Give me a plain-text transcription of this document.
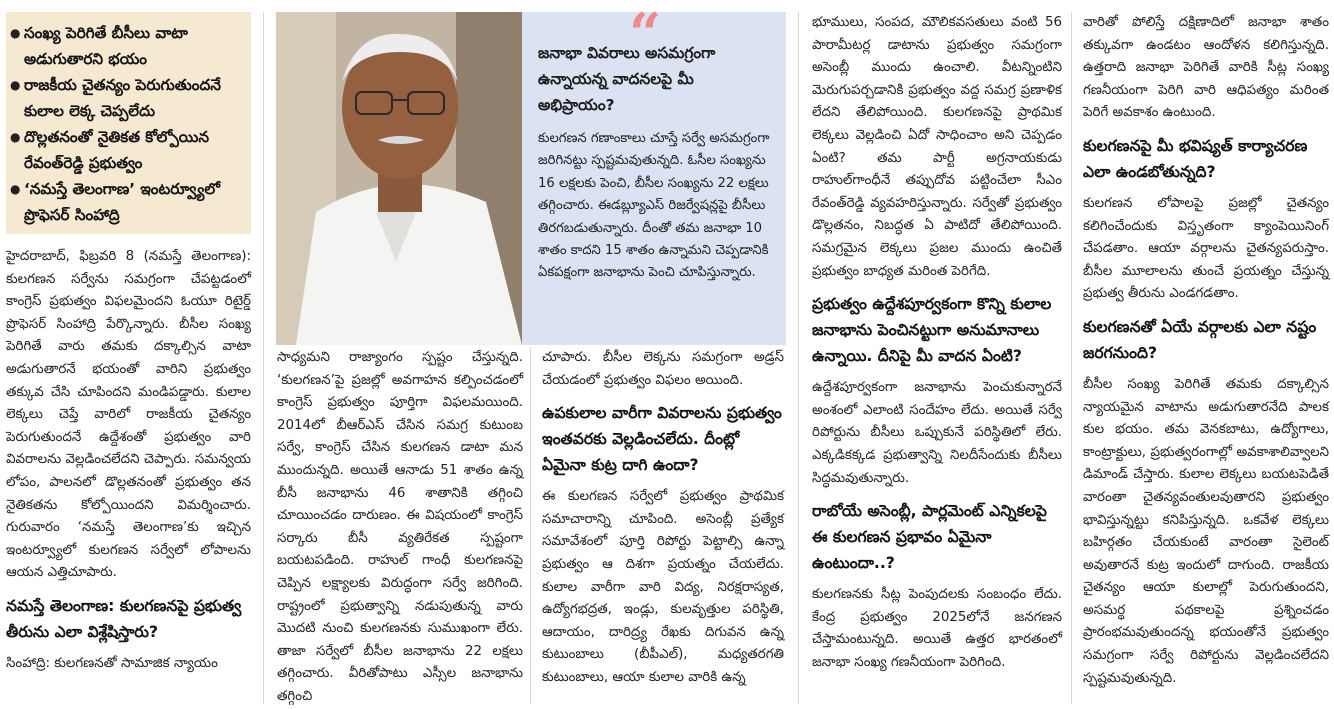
● సంఖ్య పెరిగితే బీసీలు వాటా అడుగుతారని భయం
● రాజకీయ చైతన్యం పెరుగుతుందనే కులాల లెక్క చెప్పలేదు
● దొల్లతనంతో నైతికత కోల్పోయిన రేవంత్‌రెడ్డి ప్రభుత్వం
● ‘నమస్తే తెలంగాణ’ ఇంటర్వ్యూలో ప్రొఫెసర్ సింహాద్రి

హైదరాబాద్, ఫిబ్రవరి 8 (నమస్తే తెలంగాణ): కులగణన సర్వేను సమగ్రంగా చేపట్టడంలో కాంగ్రెస్ ప్రభుత్వం విఫలమైందని ఓయూ రిటైర్డ్ ప్రొఫెసర్ సింహాద్రి పేర్కొన్నారు. బీసీల సంఖ్య పెరిగితే వారు తమకు దక్కాల్సిన వాటా అడుగుతారనే భయంతో వారిని ప్రభుత్వం తక్కువ చేసి చూపిందని మండిపడ్డారు. కులాల లెక్కలు చెప్తే వారిలో రాజకీయ చైతన్యం పెరుగుతుందనే ఉద్దేశంతో ప్రభుత్వం వారి వివరాలను వెల్లడించలేదని చెప్పారు. సమన్వయ లోపం, పాలనలో డొల్లతనంతో ప్రభుత్వం తన నైతికతను కోల్పోయిందని విమర్శించారు. గురువారం ‘నమస్తే తెలంగాణ’కు ఇచ్చిన ఇంటర్వ్యూలో కులగణన సర్వేలో లోపాలను ఆయన ఎత్తిచూపారు.

నమస్తే తెలంగాణ: కులగణనపై ప్రభుత్వ తీరును ఎలా విశ్లేషిస్తారు?

సింహాద్రి: కులగణనతో సామాజిక న్యాయం

జనాభా వివరాలు అసమగ్రంగా ఉన్నాయన్న వాదనలపై మీ అభిప్రాయం?
కులగణన గణాంకాలు చూస్తే సర్వే అసమగ్రంగా జరిగినట్టు స్పష్టమవుతున్నది. ఓసీల సంఖ్యను 16 లక్షలకు పెంచి, బీసీల సంఖ్యను 22 లక్షలు తగ్గించారు. ఈడబ్ల్యూఎస్ రిజర్వేషన్లపై బీసీలు తిరగబడుతున్నారు. దీంతో తమ జనాభా 10 శాతం కాదని 15 శాతం ఉన్నామని చెప్పడానికి ఏకపక్షంగా జనాభాను పెంచి చూపిస్తున్నారు.
“

సాధ్యమని రాజ్యాంగం స్పష్టం చేస్తున్నది. ‘కులగణన’పై ప్రజల్లో అవగాహన కల్పించడంలో కాంగ్రెస్ ప్రభుత్వం పూర్తిగా విఫలమయింది. 2014లో బీఆర్ఎస్ చేసిన సమగ్ర కుటుంబ సర్వే, కాంగ్రెస్ చేసిన కులగణన డాటా మన ముందున్నది. అయితే ఆనాడు 51 శాతం ఉన్న బీసీ జనాభాను 46 శాతానికి తగ్గించి చూయించడం దారుణం. ఈ విషయంలో కాంగ్రెస్ సర్కారు బీసీ వ్యతిరేకత స్పష్టంగా బయటపడింది. రాహుల్ గాంధీ కులగణనపై చెప్పిన లక్ష్యాలకు విరుద్ధంగా సర్వే జరిగింది. రాష్ట్రంలో ప్రభుత్వాన్ని నడుపుతున్న వారు మొదటి నుంచి కులగణనకు సుముఖంగా లేరు. తాజా సర్వేలో బీసీల జనాభాను 22 లక్షలు తగ్గించారు. వీరితోపాటు ఎస్సీల జనాభాను తగ్గించి

చూపారు. బీసీల లెక్కను సమగ్రంగా అడ్రస్ చేయడంలో ప్రభుత్వం విఫలం అయింది.

ఉపకులాల వారీగా వివరాలను ప్రభుత్వం ఇంతవరకు వెల్లడించలేదు. దీంట్లో ఏమైనా కుట్ర దాగి ఉందా?

ఈ కులగణన సర్వేలో ప్రభుత్వం ప్రాథమిక సమాచారాన్ని చూపింది. అసెంబ్లీ ప్రత్యేక సమావేశంలో పూర్తి రిపోర్టు పెట్టాల్సి ఉన్నా ప్రభుత్వం ఆ దిశగా ప్రయత్నం చేయలేదు. కులాల వారీగా వారి విద్య, నిరక్షరాస్యత, ఉద్యోగభద్రత, ఇండ్లు, కులవృత్తుల పరిస్థితి, ఆదాయం, దారిద్ర్య రేఖకు దిగువన ఉన్న కుటుంబాలు (బీపీఎల్), మధ్యతరగతి కుటుంబాలు, ఆయా కులాల వారికి ఉన్న

భూములు, సంపద, మౌలికవసతులు వంటి 56 పారామీటర్ల డాటాను ప్రభుత్వం సమగ్రంగా అసెంబ్లీ ముందు ఉంచాలి. వీటన్నింటిని మెరుగుపర్చడానికి ప్రభుత్వం వద్ద సమగ్ర ప్రణాళిక లేదని తేలిపోయింది. కులగణనపై ప్రాథమిక లెక్కలు వెల్లడించి ఏదో సాధించాం అని చెప్పడం ఏంటి? తమ పార్టీ అగ్రనాయకుడు రాహుల్‌గాంధీనే తప్పుదోవ పట్టించేలా సీఎం రేవంత్‌రెడ్డి వ్యవహరిస్తున్నారు. సర్వేతో ప్రభుత్వం డొల్లతనం, నిబద్ధత ఏ పాటిదో తేలిపోయింది. సమగ్రమైన లెక్కలు ప్రజల ముందు ఉంచితే ప్రభుత్వం బాధ్యత మరింత పెరిగేది.

ప్రభుత్వం ఉద్దేశపూర్వకంగా కొన్ని కులాల జనాభాను పెంచినట్టుగా అనుమానాలు ఉన్నాయి. దీనిపై మీ వాదన ఏంటి?

ఉద్దేశపూర్వకంగా జనాభాను పెంచుకున్నారనే అంశంలో ఎలాంటి సందేహం లేదు. అయితే సర్వే రిపోర్టును బీసీలు ఒప్పుకునే పరిస్థితిలో లేరు. ఎక్కడికక్కడ ప్రభుత్వాన్ని నిలదీసేందుకు బీసీలు సిద్ధమవుతున్నారు.

రాబోయే అసెంబ్లీ, పార్లమెంట్ ఎన్నికలపై ఈ కులగణన ప్రభావం ఏమైనా ఉంటుందా..?

కులగణనకు సీట్ల పెంపుదలకు సంబంధం లేదు. కేంద్ర ప్రభుత్వం 2025లోనే జనగణన చేస్తామంటున్నది. అయితే ఉత్తర భారతంలో జనాభా సంఖ్య గణనీయంగా పెరిగింది.

వారితో పోలిస్తే దక్షిణాదిలో జనాభా శాతం తక్కువగా ఉండటం ఆందోళన కలిగిస్తున్నది. ఉత్తరాది జనాభా పెరిగితే వారికి సీట్ల సంఖ్య గణనీయంగా పెరిగి వారి ఆధిపత్యం మరింత పెరిగే అవకాశం ఉంటుంది.

కులగణనపై మీ భవిష్యత్ కార్యాచరణ ఎలా ఉండబోతున్నది?

కులగణన లోపాలపై ప్రజల్లో చైతన్యం కలిగించేందుకు విస్తృతంగా క్యాంపెయినింగ్ చేపడతాం. ఆయా వర్గాలను చైతన్యపరుస్తాం. బీసీల మూలాలను తుంచే ప్రయత్నం చేస్తున్న ప్రభుత్వ తీరును ఎండగడతాం.

కులగణనతో ఏయే వర్గాలకు ఎలా నష్టం జరగనుంది?

బీసీల సంఖ్య పెరిగితే తమకు దక్కాల్సిన న్యాయమైన వాటాను అడుగుతారనేది పాలక కుల భయం. తమ వెనకబాటు, ఉద్యోగాలు, కాంట్రాక్టులు, ప్రభుత్వరంగాల్లో అవకాశాలివ్వాలని డిమాండ్ చేస్తారు. కులాల లెక్కలు బయటపెడితే వారంతా చైతన్యవంతులవుతారని ప్రభుత్వం భావిస్తున్నట్టు కనిపిస్తున్నది. ఒకవేళ లెక్కలు బహిర్గతం చేయకుంటే వారంతా సైలెంట్ అవుతారనే కుట్ర ఇందులో దాగుంది. రాజకీయ చైతన్యం ఆయా కులాల్లో పెరుగుతుందని, అసమర్థ పథకాలపై ప్రశ్నించడం ప్రారంభమవుతుందన్న భయంతోనే ప్రభుత్వం సమగ్రంగా సర్వే రిపోర్టును వెల్లడించలేదని స్పష్టమవుతున్నది.
